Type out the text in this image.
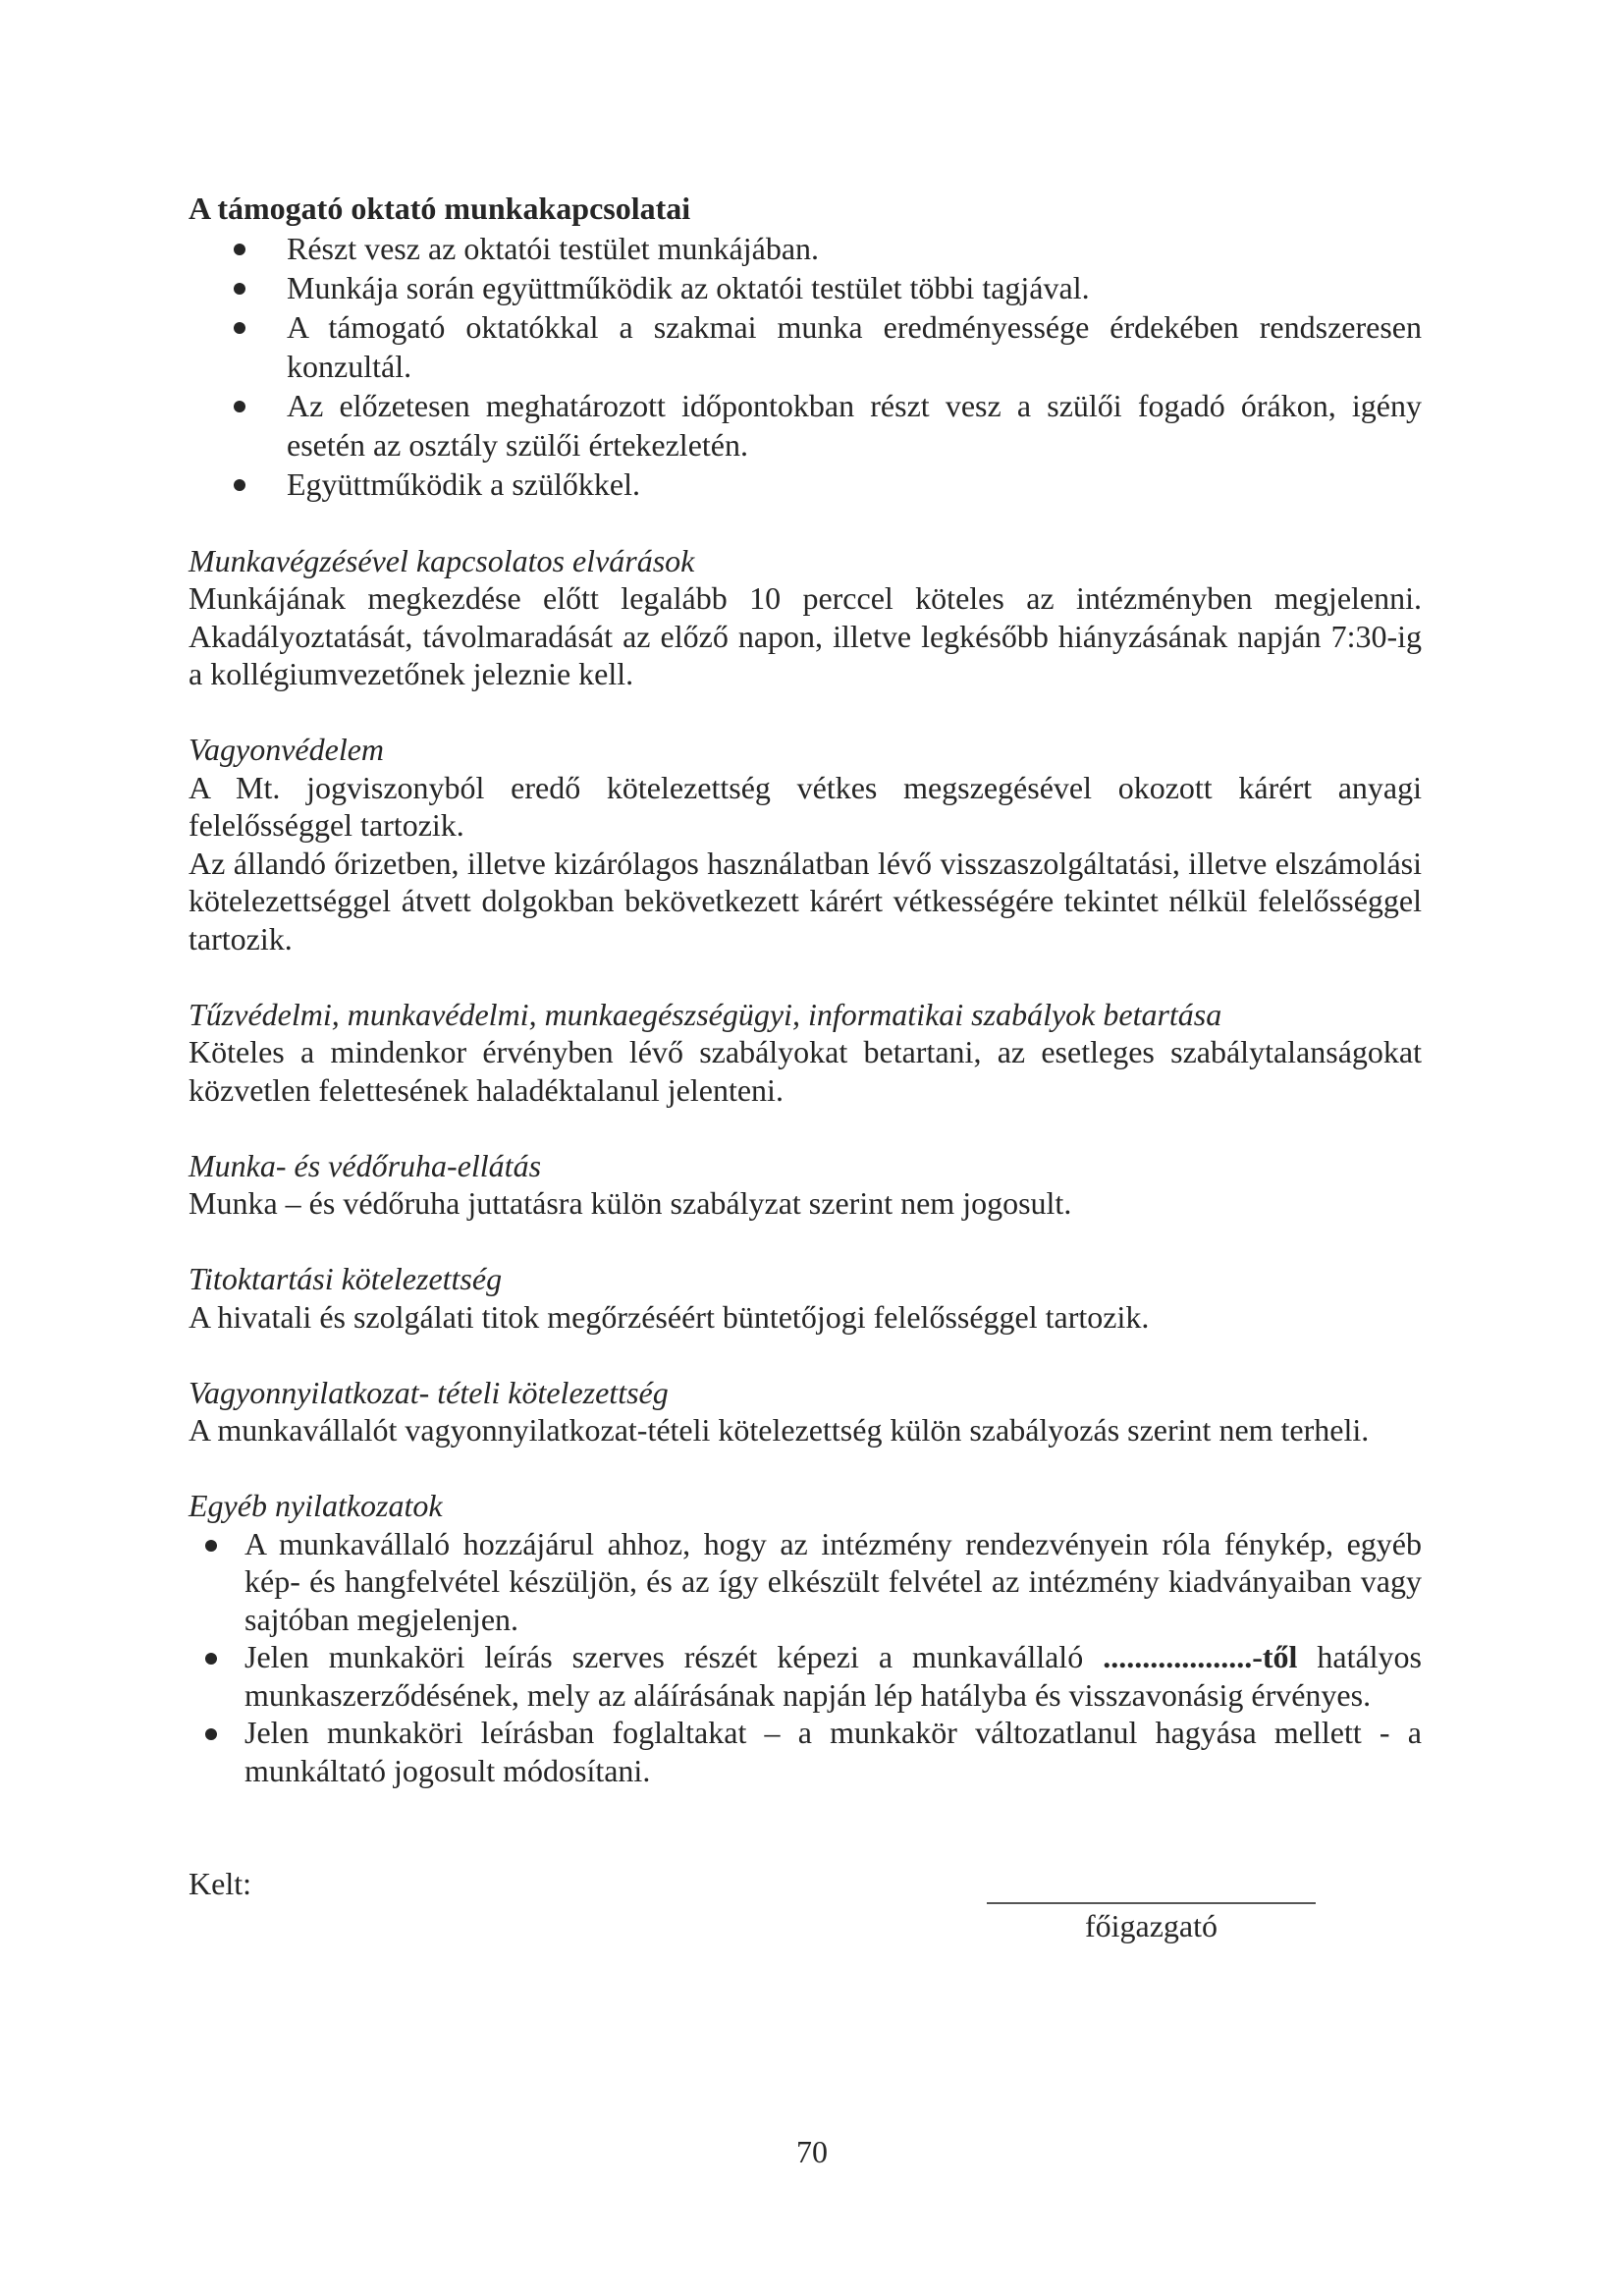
A támogató oktató munkakapcsolatai
Részt vesz az oktatói testület munkájában.
Munkája során együttműködik az oktatói testület többi tagjával.
A támogató oktatókkal a szakmai munka eredményessége érdekében rendszeresen konzultál.
Az előzetesen meghatározott időpontokban részt vesz a szülői fogadó órákon, igény esetén az osztály szülői értekezletén.
Együttműködik a szülőkkel.

Munkavégzésével kapcsolatos elvárások

Munkájának megkezdése előtt legalább 10 perccel köteles az intézményben megjelenni. Akadályoztatását, távolmaradását az előző napon, illetve legkésőbb hiányzásának napján 7:30-ig a kollégiumvezetőnek jeleznie kell.

Vagyonvédelem

A Mt. jogviszonyból eredő kötelezettség vétkes megszegésével okozott kárért anyagi felelősséggel tartozik.

Az állandó őrizetben, illetve kizárólagos használatban lévő visszaszolgáltatási, illetve elszámolási kötelezettséggel átvett dolgokban bekövetkezett kárért vétkességére tekintet nélkül felelősséggel tartozik.

Tűzvédelmi, munkavédelmi, munkaegészségügyi, informatikai szabályok betartása

Köteles a mindenkor érvényben lévő szabályokat betartani, az esetleges szabálytalanságokat közvetlen felettesének haladéktalanul jelenteni.

Munka- és védőruha-ellátás

Munka – és védőruha juttatásra külön szabályzat szerint nem jogosult.

Titoktartási kötelezettség

A hivatali és szolgálati titok megőrzéséért büntetőjogi felelősséggel tartozik.

Vagyonnyilatkozat- tételi kötelezettség

A munkavállalót vagyonnyilatkozat-tételi kötelezettség külön szabályozás szerint nem terheli.

Egyéb nyilatkozatok

A munkavállaló hozzájárul ahhoz, hogy az intézmény rendezvényein róla fénykép, egyéb kép- és hangfelvétel készüljön, és az így elkészült felvétel az intézmény kiadványaiban vagy sajtóban megjelenjen.
Jelen munkaköri leírás szerves részét képezi a munkavállaló ...................-től hatályos munkaszerződésének, mely az aláírásának napján lép hatályba és visszavonásig érvényes.
Jelen munkaköri leírásban foglaltakat – a munkakör változatlanul hagyása mellett - a munkáltató jogosult módosítani.

Kelt:

főigazgató
70
